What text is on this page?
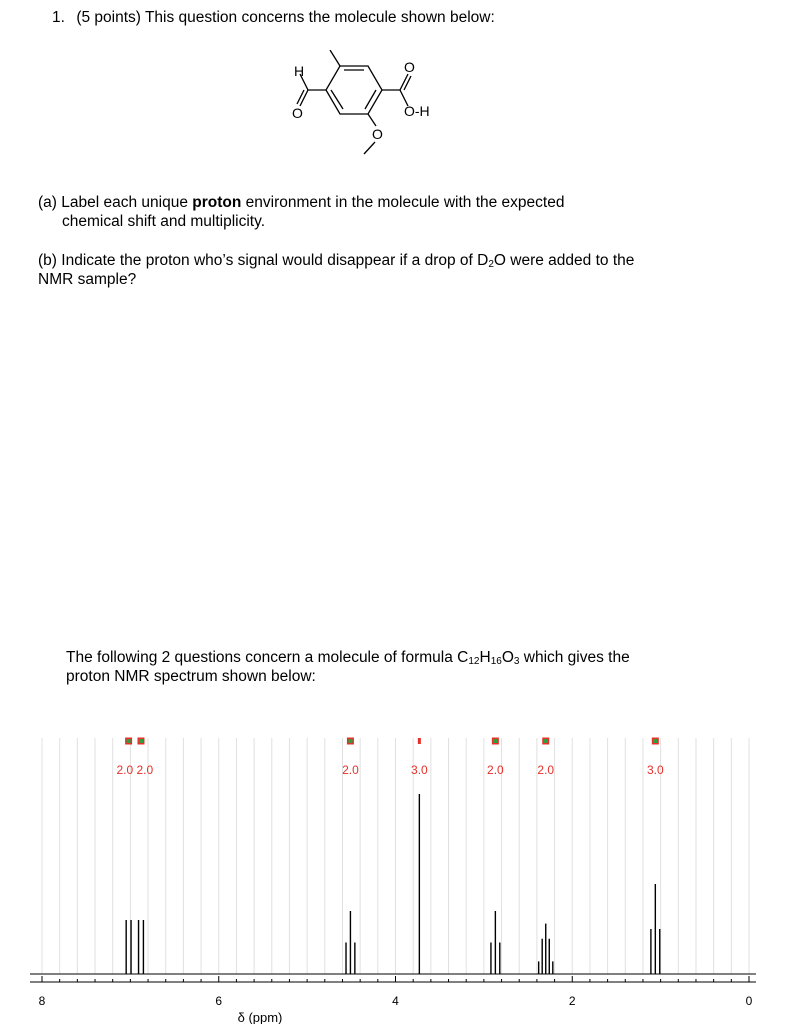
1. (5 points) This question concerns the molecule shown below:
H
O
O
O-H
O
(a) Label each unique proton environment in the molecule with the expected
chemical shift and multiplicity.
(b) Indicate the proton who’s signal would disappear if a drop of $D_2O$ were added to the
NMR sample?
The following 2 questions concern a molecule of formula $C_{12}H_{16}O_3$ which gives the
proton NMR spectrum shown below:
2.0 2.0	2.0	3.0	2.0	2.0	3.0
8	6	4	2	0
δ (ppm)
